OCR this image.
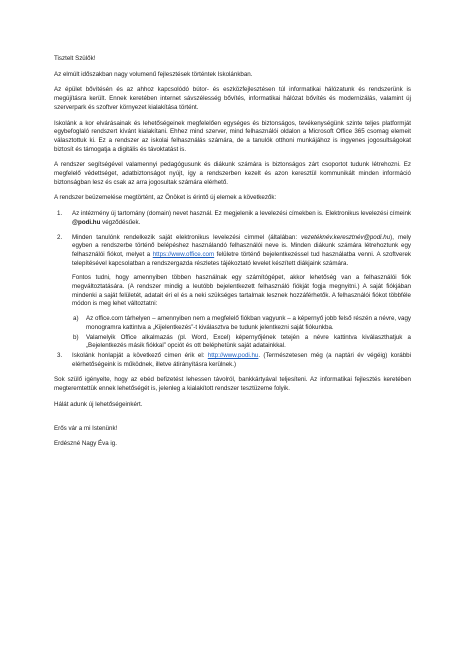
Tisztelt Szülők!

Az elmúlt időszakban nagy volumenű fejlesztések történtek Iskolánkban.

Az épület bővítésén és az ahhoz kapcsolódó bútor- és eszközfejlesztésen túl informatikai hálózatunk és rendszerünk is megújításra került. Ennek keretében internet sávszélesség bővítés, informatikai hálózat bővítés és modernizálás, valamint új szerverpark és szoftver környezet kialakítása történt.

Iskolánk a kor elvárásainak és lehetőségeinek megfelelően egységes és biztonságos, tevékenységünk szinte teljes platformját egybefoglaló rendszert kívánt kialakítani. Ehhez mind szerver, mind felhasználói oldalon a Microsoft Office 365 csomag elemeit választottuk ki. Ez a rendszer az iskolai felhasználás számára, de a tanulók otthoni munkájához is ingyenes jogosultságokat biztosít és támogatja a digitális és távoktatást is.

A rendszer segítségével valamennyi pedagógusunk és diákunk számára is biztonságos zárt csoportot tudunk létrehozni. Ez megfelelő védettséget, adatbiztonságot nyújt, így a rendszerben kezelt és azon keresztül kommunikált minden információ biztonságban lesz és csak az arra jogosultak számára elérhető.

A rendszer beüzemelése megtörtént, az Önöket is érintő új elemek a következők:

1. Az intézmény új tartomány (domain) nevet használ. Ez megjelenik a levelezési címekben is. Elektronikus levelezési címeink @podi.hu végződésűek.

2. Minden tanulónk rendelkezik saját elektronikus levelezési címmel (általában: vezetéknév.keresztnév@podi.hu), mely egyben a rendszerbe történő belépéshez használandó felhasználói neve is. Minden diákunk számára létrehoztunk egy felhasználói fiókot, melyet a https://www.office.com felületre történő bejelentkezéssel tud használatba venni. A szoftverek telepítésével kapcsolatban a rendszergazda részletes tájékoztató levelet készített diákjaink számára.

Fontos tudni, hogy amennyiben többen használnak egy számítógépet, akkor lehetőség van a felhasználói fiók megváltoztatására. (A rendszer mindig a leutóbb bejelentkezett felhasználó fiókját fogja megnyitni.) A saját fiókjában mindenki a saját felületét, adatait éri el és a neki szükséges tartalmak lesznek hozzáférhetők. A felhasználói fiókot többféle módon is meg lehet változtatni:

a) Az office.com tárhelyen – amennyiben nem a megfelelő fiókban vagyunk – a képernyő jobb felső részén a névre, vagy monogramra kattintva a „Kijelentkezés”-t kiválasztva be tudunk jelentkezni saját fiókunkba.
b) Valamelyik Office alkalmazás (pl. Word, Excel) képernyőjének tetején a névre kattintva kiválaszthatjuk a „Bejelentkezés másik fiókkal” opciót és ott beléphetünk saját adatainkkal.
3. Iskolánk honlapját a következő címen érik el: http://www.podi.hu. (Természetesen még (a naptári év végéig) korábbi elérhetőségeink is működnek, illetve átirányításra kerülnek.)

Sok szülő igényelte, hogy az ebéd befizetést lehessen távolról, bankkártyával teljesíteni. Az informatikai fejlesztés keretében megteremtettük ennek lehetőségét is, jelenleg a kialakított rendszer tesztüzeme folyik.

Hálát adunk új lehetőségeinkért.

Erős vár a mi Istenünk!

Erdészné Nagy Éva ig.
